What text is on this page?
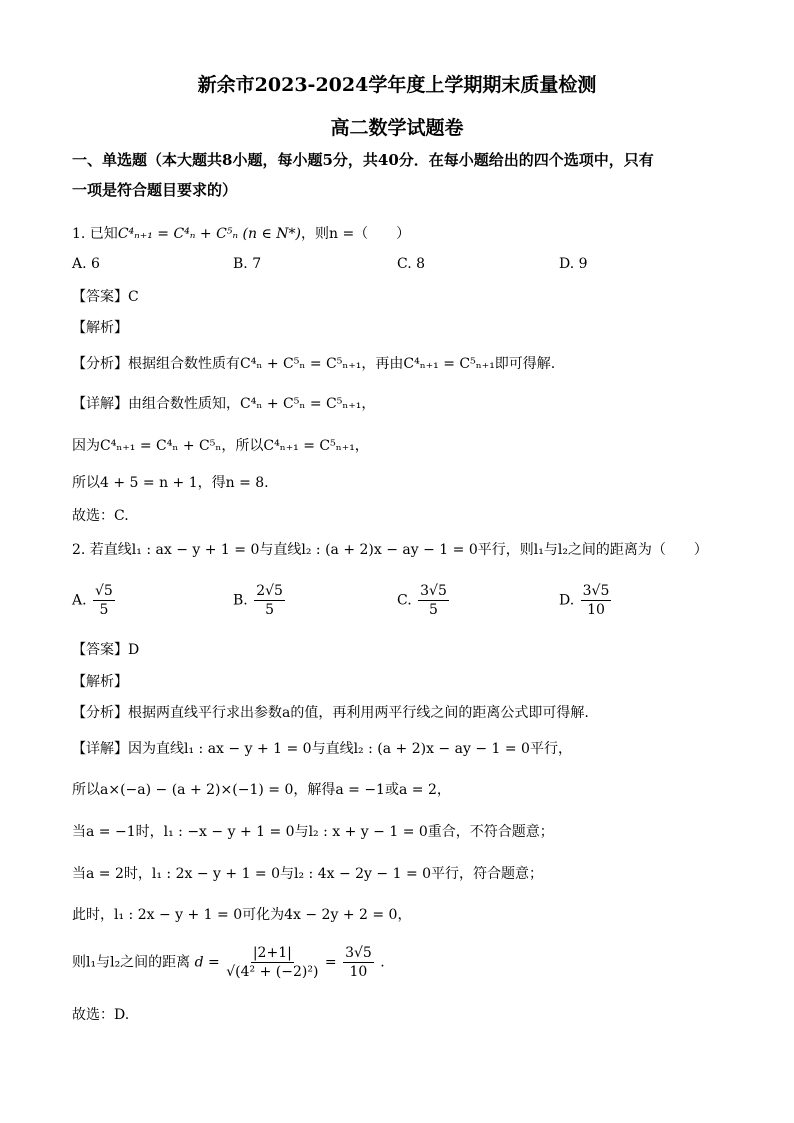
新余市2023-2024学年度上学期期末质量检测
高二数学试题卷
一、单选题（本大题共8小题，每小题5分，共40分．在每小题给出的四个选项中，只有
一项是符合题目要求的）
1. 已知C⁴ₙ₊₁ = C⁴ₙ + C⁵ₙ (n ∈ N*)，则n =（　　）
A. 6	B. 7	C. 8	D. 9
【答案】C
【解析】
【分析】根据组合数性质有C⁴ₙ + C⁵ₙ = C⁵ₙ₊₁，再由C⁴ₙ₊₁ = C⁵ₙ₊₁即可得解.
【详解】由组合数性质知，C⁴ₙ + C⁵ₙ = C⁵ₙ₊₁，
因为C⁴ₙ₊₁ = C⁴ₙ + C⁵ₙ，所以C⁴ₙ₊₁ = C⁵ₙ₊₁，
所以4 + 5 = n + 1，得n = 8.
故选：C.
2. 若直线l₁ : ax − y + 1 = 0与直线l₂ : (a + 2)x − ay − 1 = 0平行，则l₁与l₂之间的距离为（　　）
A. $\frac{√5}{5}$	B. $\frac{2√5}{5}$	C. $\frac{3√5}{5}$	D. $\frac{3√5}{10}$
【答案】D
【解析】
【分析】根据两直线平行求出参数a的值，再利用两平行线之间的距离公式即可得解.
【详解】因为直线l₁ : ax − y + 1 = 0与直线l₂ : (a + 2)x − ay − 1 = 0平行，
所以a×(−a) − (a + 2)×(−1) = 0，解得a = −1或a = 2，
当a = −1时，l₁ : −x − y + 1 = 0与l₂ : x + y − 1 = 0重合，不符合题意；
当a = 2时，l₁ : 2x − y + 1 = 0与l₂ : 4x − 2y − 1 = 0平行，符合题意；
此时，l₁ : 2x − y + 1 = 0可化为4x − 2y + 2 = 0，
则l₁与l₂之间的距离 $d = \frac{|2+1|}{\text{√(4² + (−2)²)}} = \frac{3√5}{10}$ .
故选：D.
